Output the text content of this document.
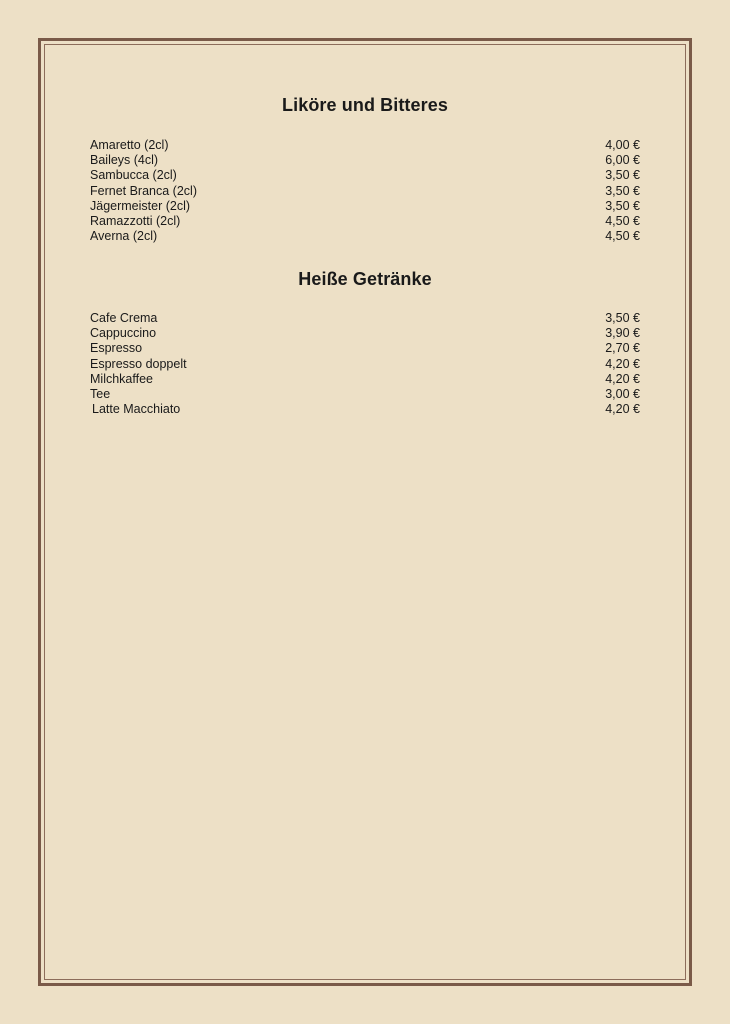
Liköre und Bitteres
Amaretto (2cl)	4,00 €
Baileys (4cl)	6,00 €
Sambucca (2cl)	3,50 €
Fernet Branca (2cl)	3,50 €
Jägermeister (2cl)	3,50 €
Ramazzotti (2cl)	4,50 €
Averna (2cl)	4,50 €
Heiße Getränke
Cafe Crema	3,50 €
Cappuccino	3,90 €
Espresso	2,70 €
Espresso doppelt	4,20 €
Milchkaffee	4,20 €
Tee	3,00 €
Latte Macchiato	4,20 €
